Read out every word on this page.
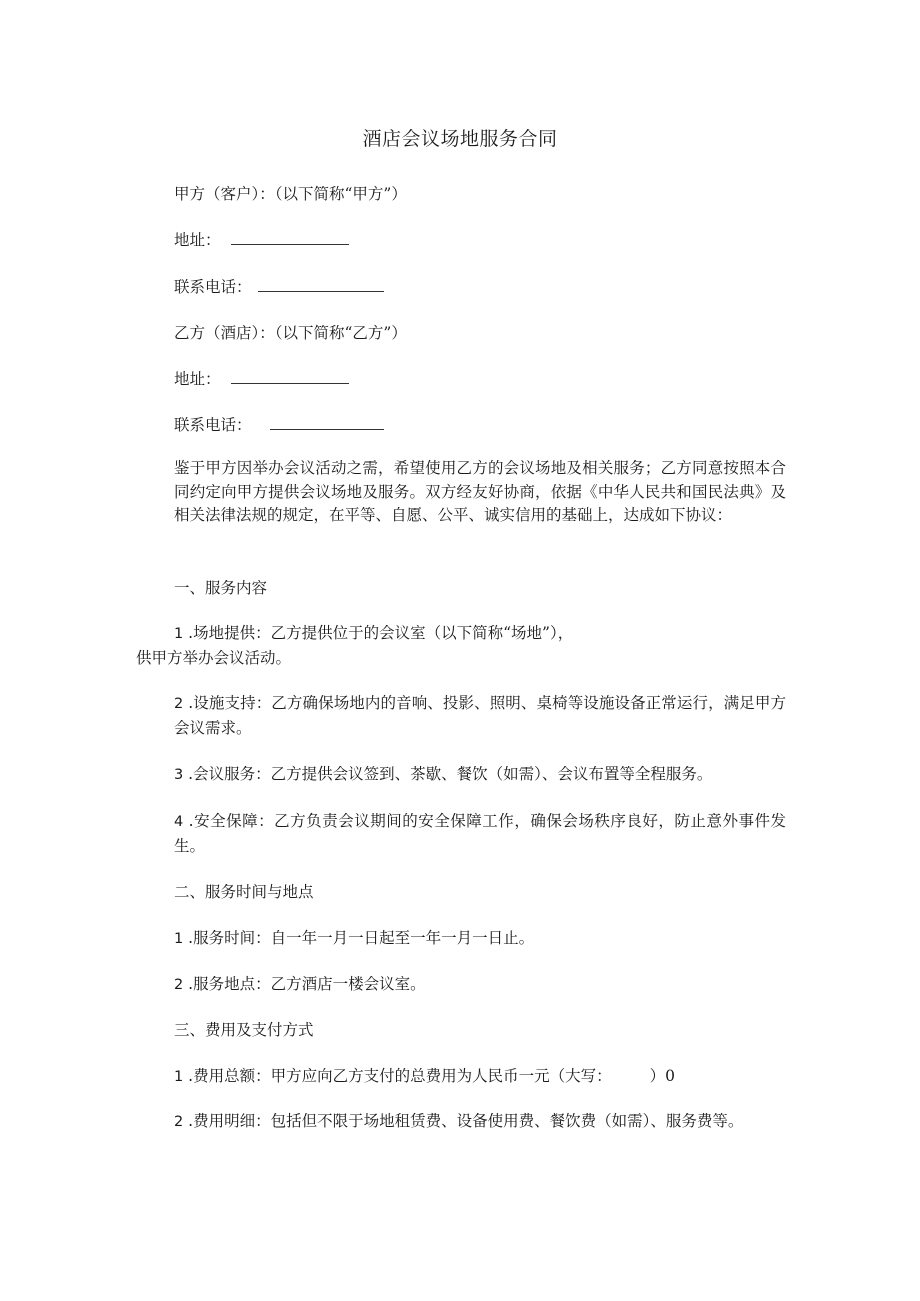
酒店会议场地服务合同
甲方（客户）：（以下简称“甲方”）
地址：
联系电话：
乙方（酒店）：（以下简称“乙方”）
地址：
联系电话：
鉴于甲方因举办会议活动之需，希望使用乙方的会议场地及相关服务；乙方同意按照本合同约定向甲方提供会议场地及服务。双方经友好协商，依据《中华人民共和国民法典》及相关法律法规的规定，在平等、自愿、公平、诚实信用的基础上，达成如下协议：
一、服务内容
1 .场地提供：乙方提供位于的会议室（以下简称“场地”），
供甲方举办会议活动。
2 .设施支持：乙方确保场地内的音响、投影、照明、桌椅等设施设备正常运行，满足甲方会议需求。
3 .会议服务：乙方提供会议签到、茶歇、餐饮（如需）、会议布置等全程服务。
4 .安全保障：乙方负责会议期间的安全保障工作，确保会场秩序良好，防止意外事件发生。
二、服务时间与地点
1 .服务时间：自一年一月一日起至一年一月一日止。
2 .服务地点：乙方酒店一楼会议室。
三、费用及支付方式
1 .费用总额：甲方应向乙方支付的总费用为人民币一元（大写： ）0
2 .费用明细：包括但不限于场地租赁费、设备使用费、餐饮费（如需）、服务费等。
